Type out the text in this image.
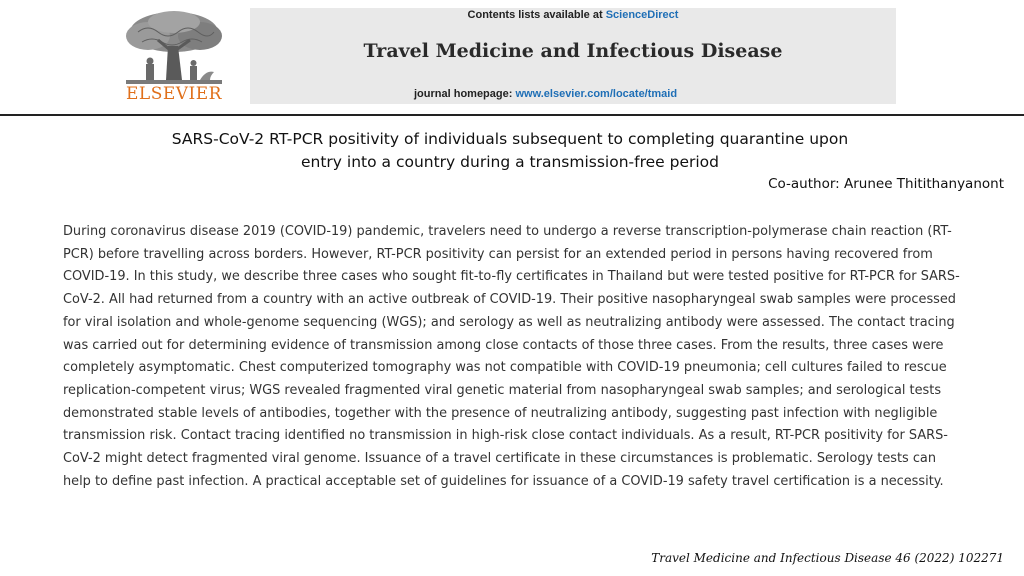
ELSEVIER
Contents lists available at ScienceDirect
Travel Medicine and Infectious Disease
journal homepage: www.elsevier.com/locate/tmaid
SARS-CoV-2 RT-PCR positivity of individuals subsequent to completing quarantine upon
entry into a country during a transmission-free period
Co-author: Arunee Thitithanyanont

During coronavirus disease 2019 (COVID-19) pandemic, travelers need to undergo a reverse transcription-polymerase chain reaction (RT-PCR) before travelling across borders. However, RT-PCR positivity can persist for an extended period in persons having recovered from COVID-19. In this study, we describe three cases who sought fit-to-fly certificates in Thailand but were tested positive for RT-PCR for SARS-CoV-2. All had returned from a country with an active outbreak of COVID-19. Their positive nasopharyngeal swab samples were processed for viral isolation and whole-genome sequencing (WGS); and serology as well as neutralizing antibody were assessed. The contact tracing was carried out for determining evidence of transmission among close contacts of those three cases. From the results, three cases were completely asymptomatic. Chest computerized tomography was not compatible with COVID-19 pneumonia; cell cultures failed to rescue replication-competent virus; WGS revealed fragmented viral genetic material from nasopharyngeal swab samples; and serological tests demonstrated stable levels of antibodies, together with the presence of neutralizing antibody, suggesting past infection with negligible transmission risk. Contact tracing identified no transmission in high-risk close contact individuals. As a result, RT-PCR positivity for SARS-CoV-2 might detect fragmented viral genome. Issuance of a travel certificate in these circumstances is problematic. Serology tests can help to define past infection. A practical acceptable set of guidelines for issuance of a COVID-19 safety travel certification is a necessity.

Travel Medicine and Infectious Disease 46 (2022) 102271
